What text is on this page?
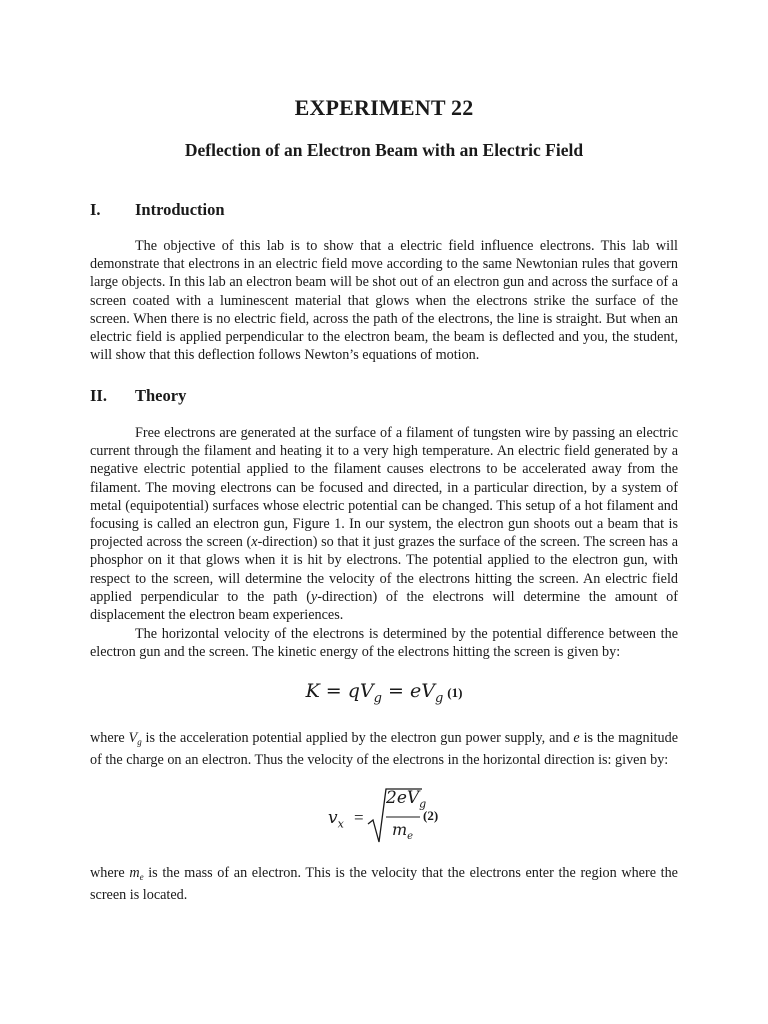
EXPERIMENT 22
Deflection of an Electron Beam with an Electric Field
I. Introduction

The objective of this lab is to show that a electric field influence electrons. This lab will demonstrate that electrons in an electric field move according to the same Newtonian rules that govern large objects. In this lab an electron beam will be shot out of an electron gun and across the surface of a screen coated with a luminescent material that glows when the electrons strike the surface of the screen. When there is no electric field, across the path of the electrons, the line is straight. But when an electric field is applied perpendicular to the electron beam, the beam is deflected and you, the student, will show that this deflection follows Newton’s equations of motion.

II. Theory

Free electrons are generated at the surface of a filament of tungsten wire by passing an electric current through the filament and heating it to a very high temperature. An electric field generated by a negative electric potential applied to the filament causes electrons to be accelerated away from the filament. The moving electrons can be focused and directed, in a particular direction, by a system of metal (equipotential) surfaces whose electric potential can be changed. This setup of a hot filament and focusing is called an electron gun, Figure 1. In our system, the electron gun shoots out a beam that is projected across the screen (x-direction) so that it just grazes the surface of the screen. The screen has a phosphor on it that glows when it is hit by electrons. The potential applied to the electron gun, with respect to the screen, will determine the velocity of the electrons hitting the screen. An electric field applied perpendicular to the path (y-direction) of the electrons will determine the amount of displacement the electron beam experiences.

The horizontal velocity of the electrons is determined by the potential difference between the electron gun and the screen. The kinetic energy of the electrons hitting the screen is given by:

$K = qV_g = eV_g$ (1)

where $V_g$ is the acceleration potential applied by the electron gun power supply, and e is the magnitude of the charge on an electron. Thus the velocity of the electrons in the horizontal direction is: given by:

$v_x$ =
$2eV_g$
$m_e$
(2)

where $m_e$ is the mass of an electron. This is the velocity that the electrons enter the region where the screen is located.
